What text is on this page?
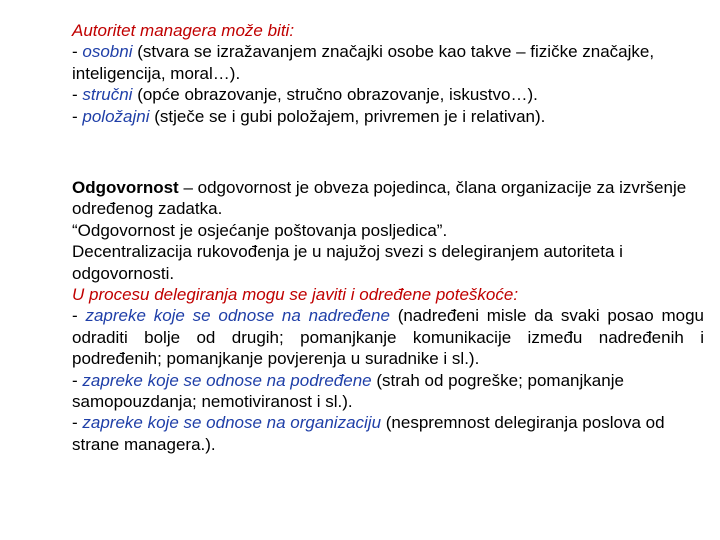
Autoritet managera može biti:
- osobni (stvara se izražavanjem značajki osobe kao takve – fizičke značajke, inteligencija, moral…).
- stručni (opće obrazovanje, stručno obrazovanje, iskustvo…).
- položajni (stječe se i gubi položajem, privremen je i relativan).
Odgovornost – odgovornost je obveza pojedinca, člana organizacije za izvršenje određenog zadatka.
“Odgovornost je osjećanje poštovanja posljedica”.
Decentralizacija rukovođenja je u najužoj svezi s delegiranjem autoriteta i odgovornosti.
U procesu delegiranja mogu se javiti i određene poteškoće:
- zapreke koje se odnose na nadređene (nadređeni misle da svaki posao mogu odraditi bolje od drugih; pomanjkanje komunikacije između nadređenih i podređenih; pomanjkanje povjerenja u suradnike i sl.).
- zapreke koje se odnose na podređene (strah od pogreške; pomanjkanje samopouzdanja; nemotiviranost i sl.).
- zapreke koje se odnose na organizaciju (nespremnost delegiranja poslova od strane managera.).
